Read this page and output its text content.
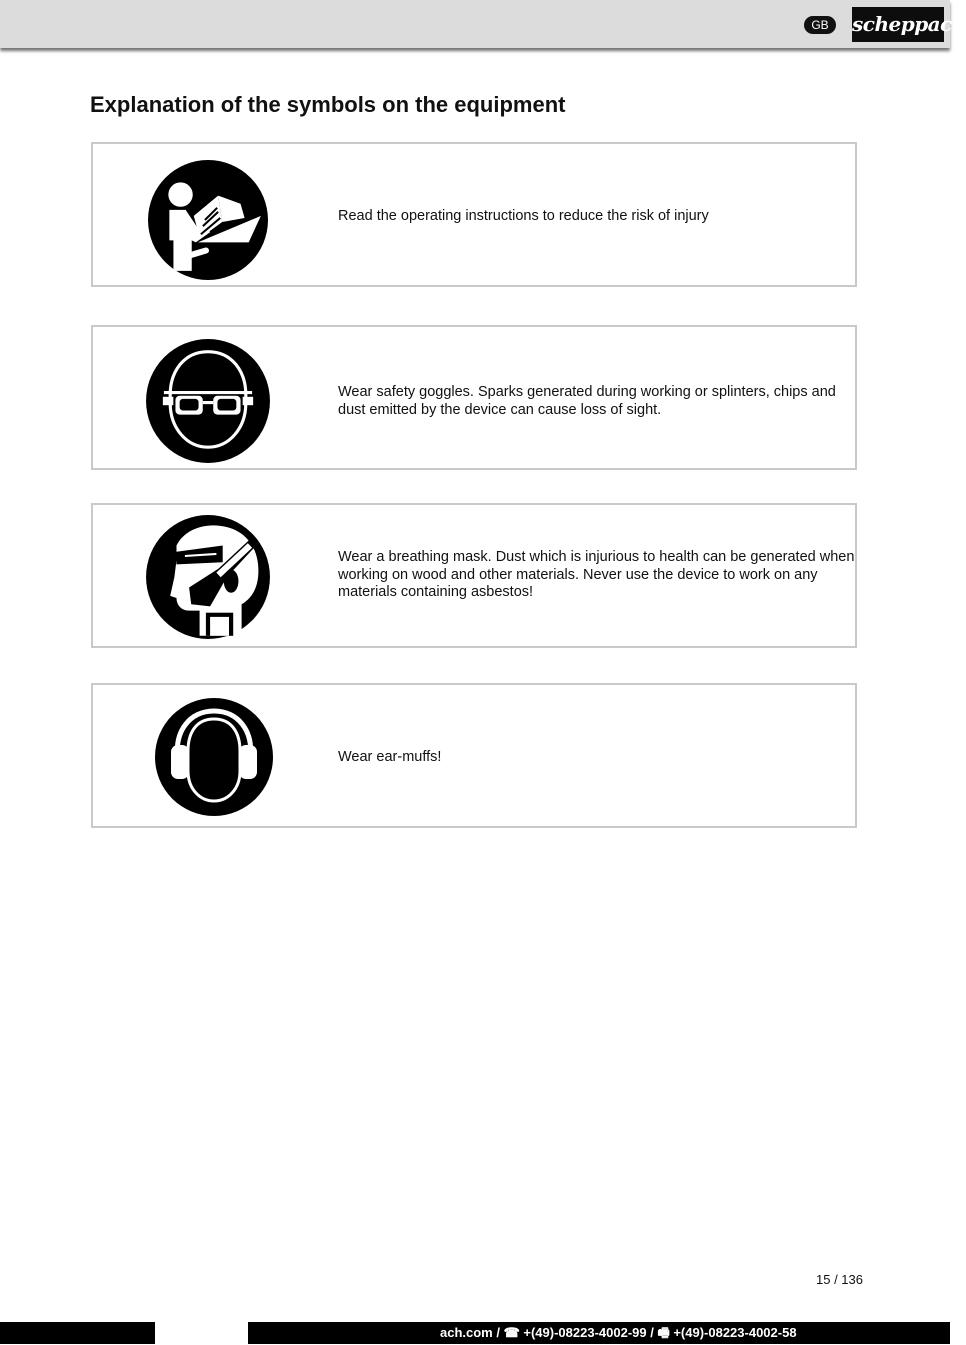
GB	scheppach
Explanation of the symbols on the equipment
Read the operating instructions to reduce the risk of injury
Wear safety goggles. Sparks generated during working or splinters, chips and dust emitted by the device can cause loss of sight.
Wear a breathing mask. Dust which is injurious to health can be generated when working on wood and other materials. Never use the device to work on any materials containing asbestos!
Wear ear-muffs!
15 / 136
ach.com / ☎ +(49)-08223-4002-99 / 🖷 +(49)-08223-4002-58
